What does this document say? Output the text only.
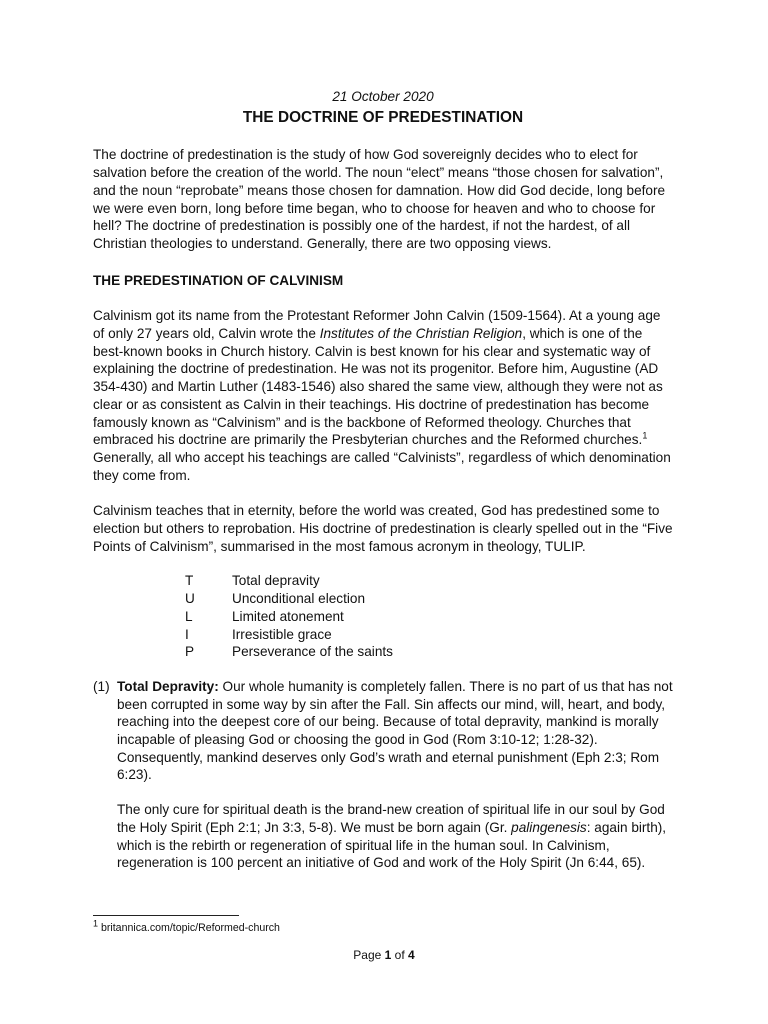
21 October 2020
THE DOCTRINE OF PREDESTINATION

The doctrine of predestination is the study of how God sovereignly decides who to elect for salvation before the creation of the world. The noun “elect” means “those chosen for salvation”, and the noun “reprobate” means those chosen for damnation. How did God decide, long before we were even born, long before time began, who to choose for heaven and who to choose for hell? The doctrine of predestination is possibly one of the hardest, if not the hardest, of all Christian theologies to understand. Generally, there are two opposing views.

THE PREDESTINATION OF CALVINISM

Calvinism got its name from the Protestant Reformer John Calvin (1509-1564). At a young age of only 27 years old, Calvin wrote the Institutes of the Christian Religion, which is one of the best-known books in Church history. Calvin is best known for his clear and systematic way of explaining the doctrine of predestination. He was not its progenitor. Before him, Augustine (AD 354-430) and Martin Luther (1483-1546) also shared the same view, although they were not as clear or as consistent as Calvin in their teachings. His doctrine of predestination has become famously known as “Calvinism” and is the backbone of Reformed theology. Churches that embraced his doctrine are primarily the Presbyterian churches and the Reformed churches.$^1$ Generally, all who accept his teachings are called “Calvinists”, regardless of which denomination they come from.

Calvinism teaches that in eternity, before the world was created, God has predestined some to election but others to reprobation. His doctrine of predestination is clearly spelled out in the “Five Points of Calvinism”, summarised in the most famous acronym in theology, TULIP.

T	Total depravity
U	Unconditional election
L	Limited atonement
I	Irresistible grace
P	Perseverance of the saints
(1) Total Depravity: Our whole humanity is completely fallen. There is no part of us that has not been corrupted in some way by sin after the Fall. Sin affects our mind, will, heart, and body, reaching into the deepest core of our being. Because of total depravity, mankind is morally incapable of pleasing God or choosing the good in God (Rom 3:10-12; 1:28-32). Consequently, mankind deserves only God’s wrath and eternal punishment (Eph 2:3; Rom 6:23).

The only cure for spiritual death is the brand-new creation of spiritual life in our soul by God the Holy Spirit (Eph 2:1; Jn 3:3, 5-8). We must be born again (Gr. palingenesis: again birth), which is the rebirth or regeneration of spiritual life in the human soul. In Calvinism, regeneration is 100 percent an initiative of God and work of the Holy Spirit (Jn 6:44, 65).

$^1$ britannica.com/topic/Reformed-church
Page 1 of 4
